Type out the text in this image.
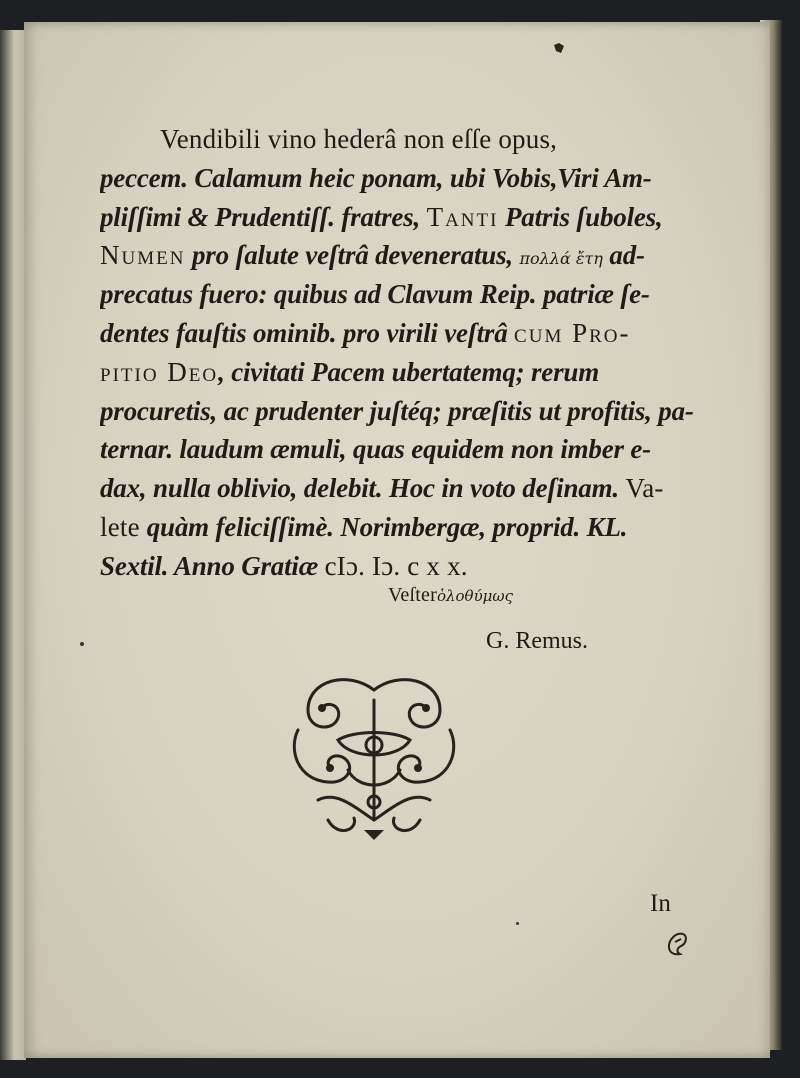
Vendibili vino hederâ non eſſe opus,
peccem. Calamum heic ponam, ubi Vobis,Viri Am-
pliſſimi & Prudentiſſ. fratres, Tanti Patris ſuboles,
Numen pro ſalute veſtrâ deveneratus, πολλά ἔτη ad-
precatus fuero: quibus ad Clavum Reip. patriæ ſe-
dentes fauſtis ominib. pro virili veſtrâ cum Pro-
pitio Deo, civitati Pacem ubertatemq; rerum
procuretis, ac prudenter juſtéq; præſitis ut profitis, pa-
ternar. laudum æmuli, quas equidem non imber e-
dax, nulla oblivio, delebit. Hoc in voto deſinam. Va-
lete quàm feliciſſimè. Norimbergæ, proprid. KL.
Sextil. Anno Gratiæ cIɔ. Iɔ. c x x.
Veſterὁλοθύμως
G. Remus.
In
